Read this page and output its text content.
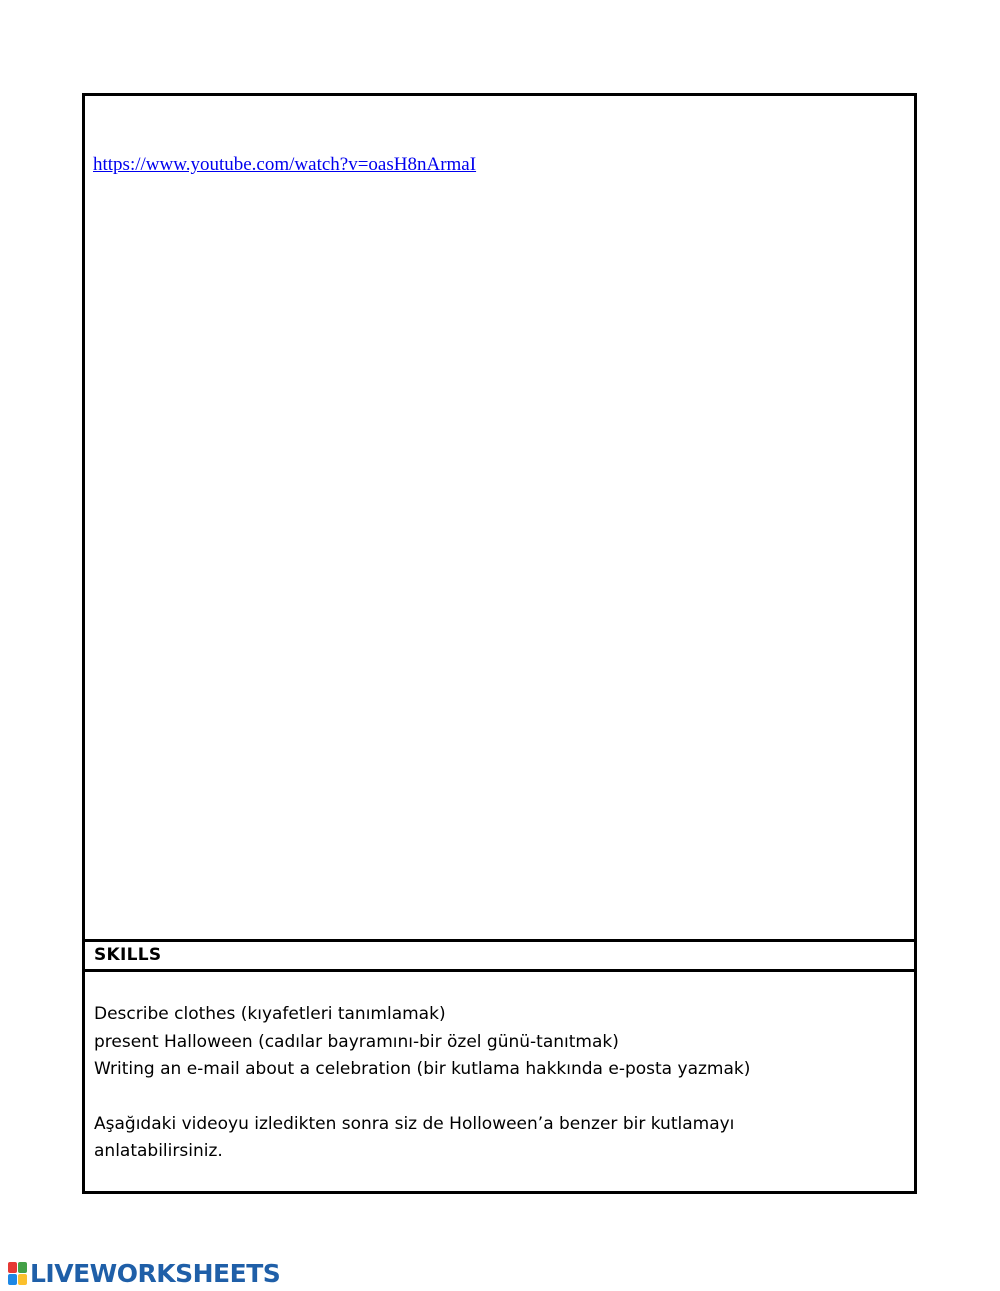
https://www.youtube.com/watch?v=oasH8nArmaI
SKILLS
Describe clothes (kıyafetleri tanımlamak)
present Halloween (cadılar bayramını-bir özel günü-tanıtmak)
Writing an e-mail about a celebration (bir kutlama hakkında e-posta yazmak)
Aşağıdaki videoyu izledikten sonra siz de Holloween’a benzer bir kutlamayı anlatabilirsiniz.
LIVEWORKSHEETS
